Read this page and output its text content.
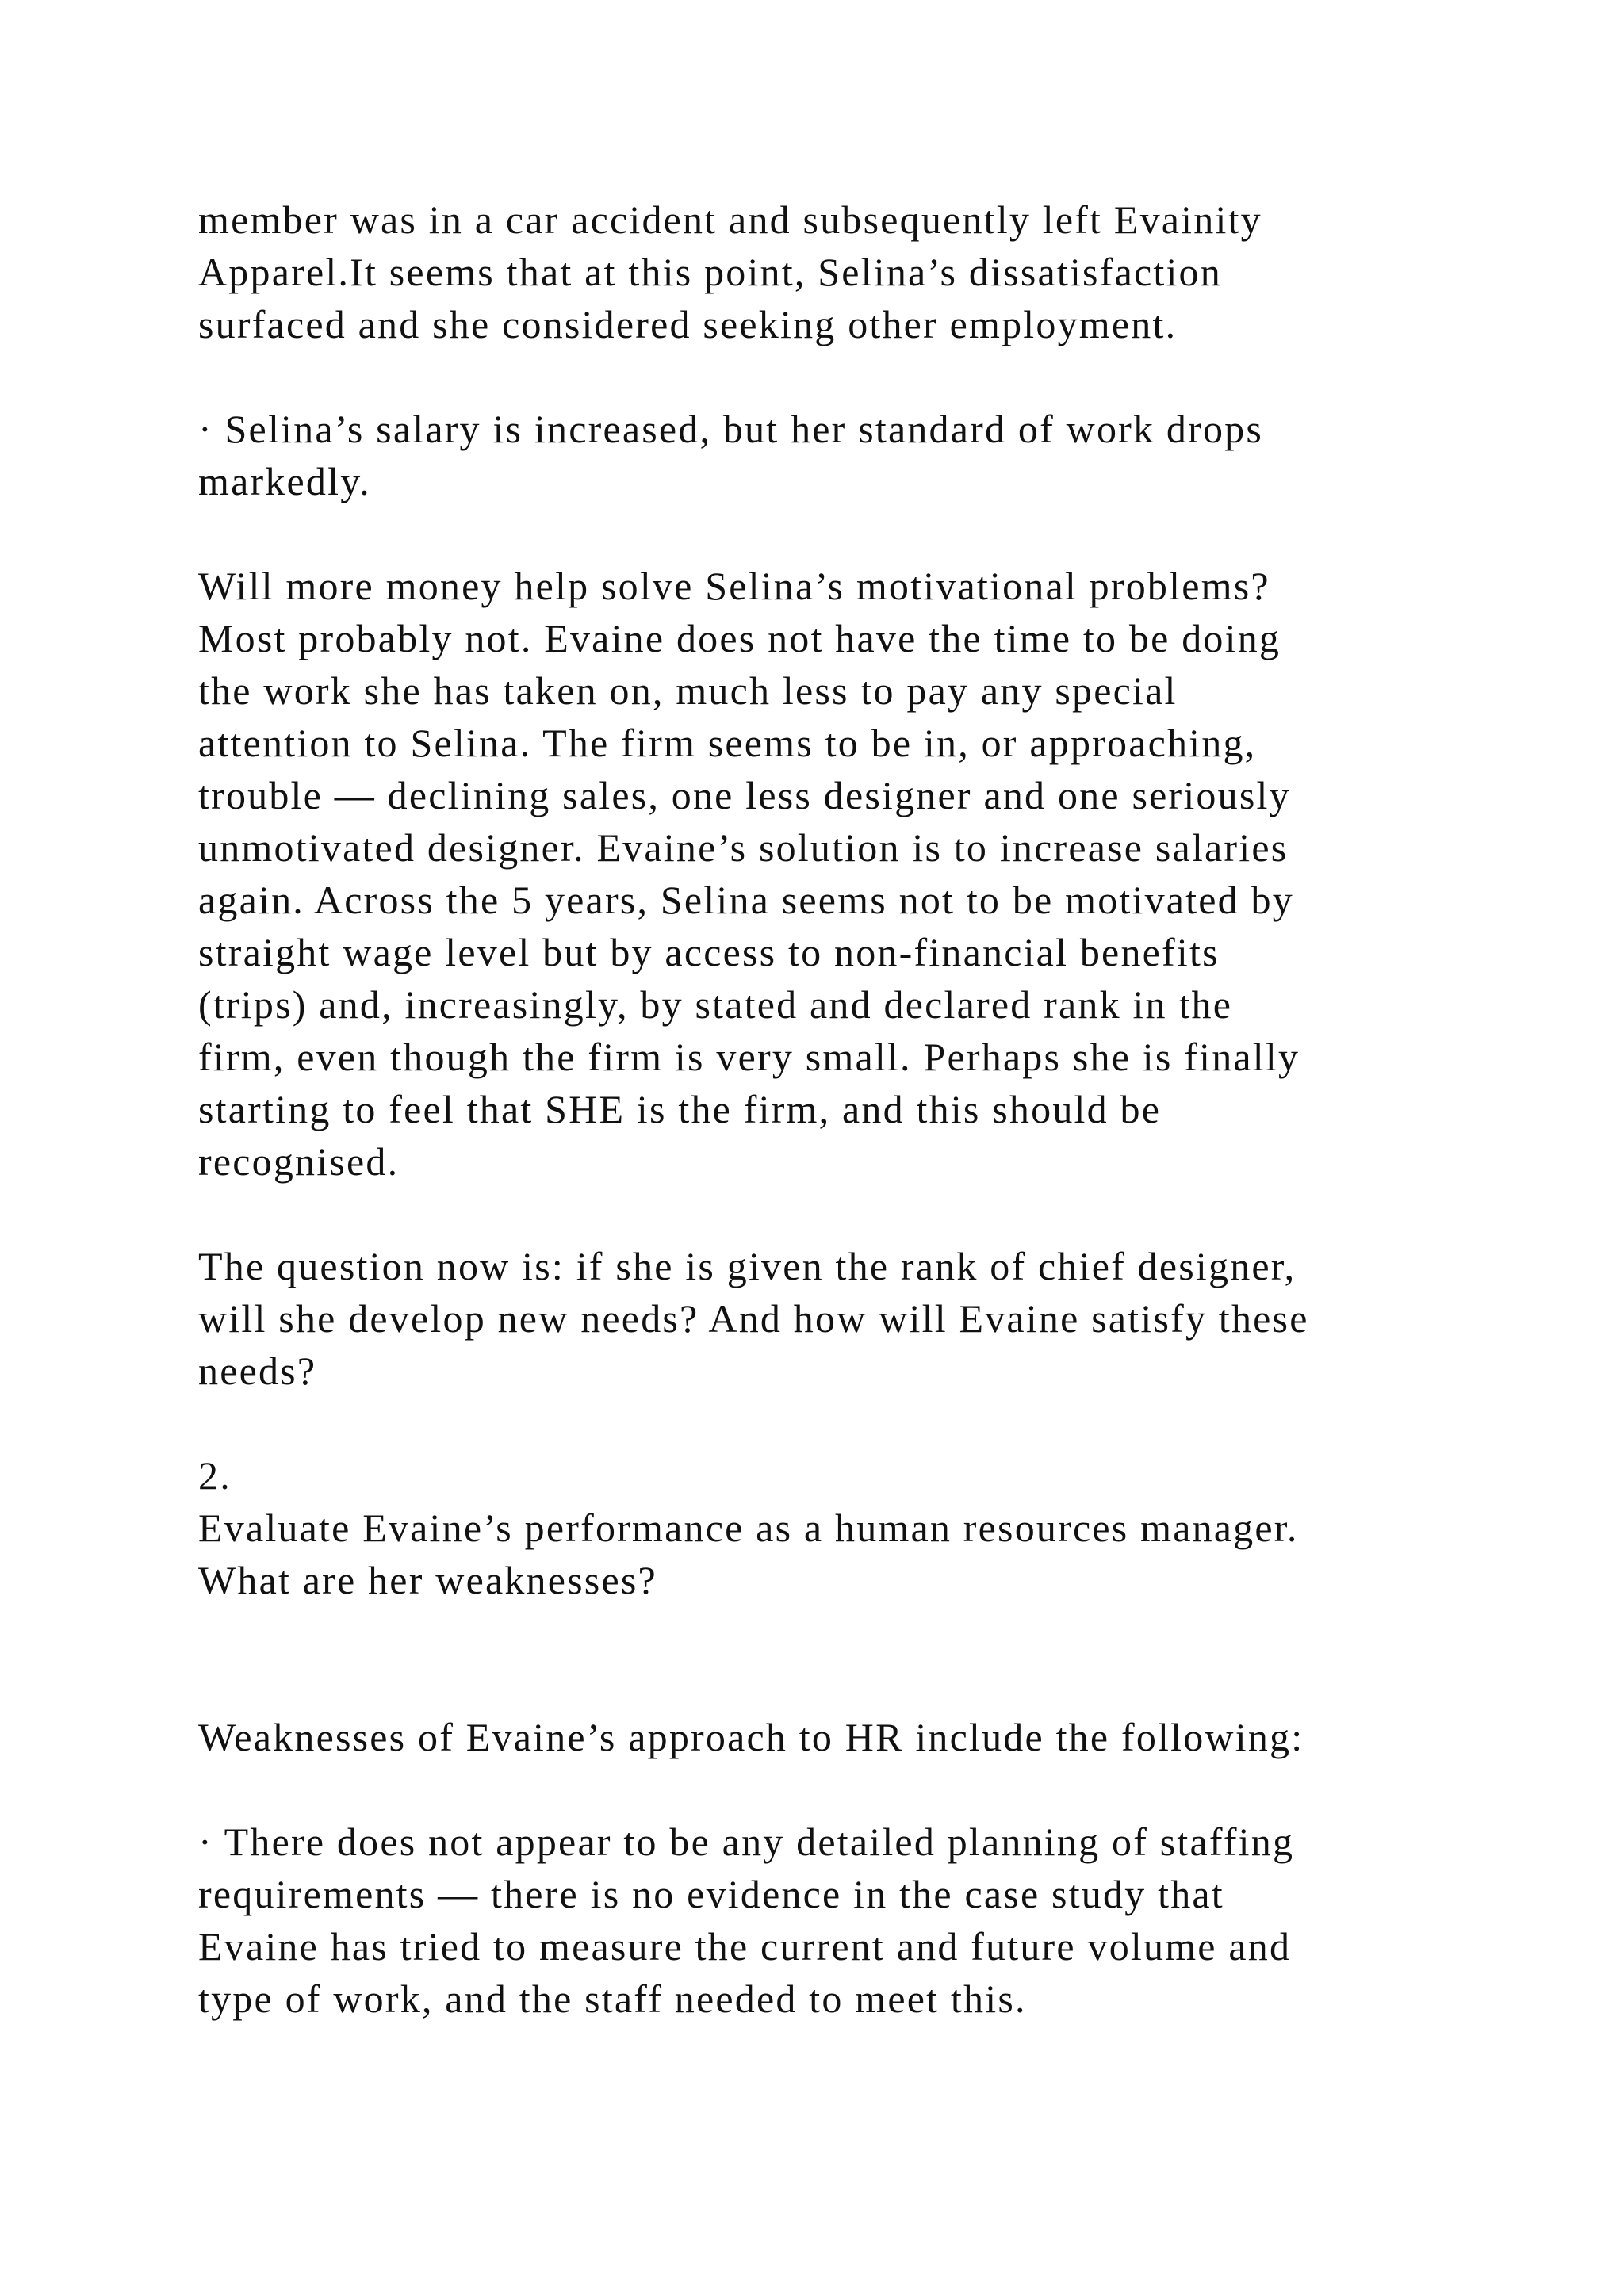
member was in a car accident and subsequently left Evainity
Apparel.It seems that at this point, Selina’s dissatisfaction
surfaced and she considered seeking other employment.
· Selina’s salary is increased, but her standard of work drops
markedly.
Will more money help solve Selina’s motivational problems?
Most probably not. Evaine does not have the time to be doing
the work she has taken on, much less to pay any special
attention to Selina. The firm seems to be in, or approaching,
trouble — declining sales, one less designer and one seriously
unmotivated designer. Evaine’s solution is to increase salaries
again. Across the 5 years, Selina seems not to be motivated by
straight wage level but by access to non-financial benefits
(trips) and, increasingly, by stated and declared rank in the
firm, even though the firm is very small. Perhaps she is finally
starting to feel that SHE is the firm, and this should be
recognised.
The question now is: if she is given the rank of chief designer,
will she develop new needs? And how will Evaine satisfy these
needs?
2.
Evaluate Evaine’s performance as a human resources manager.
What are her weaknesses?
Weaknesses of Evaine’s approach to HR include the following:
· There does not appear to be any detailed planning of staffing
requirements — there is no evidence in the case study that
Evaine has tried to measure the current and future volume and
type of work, and the staff needed to meet this.
